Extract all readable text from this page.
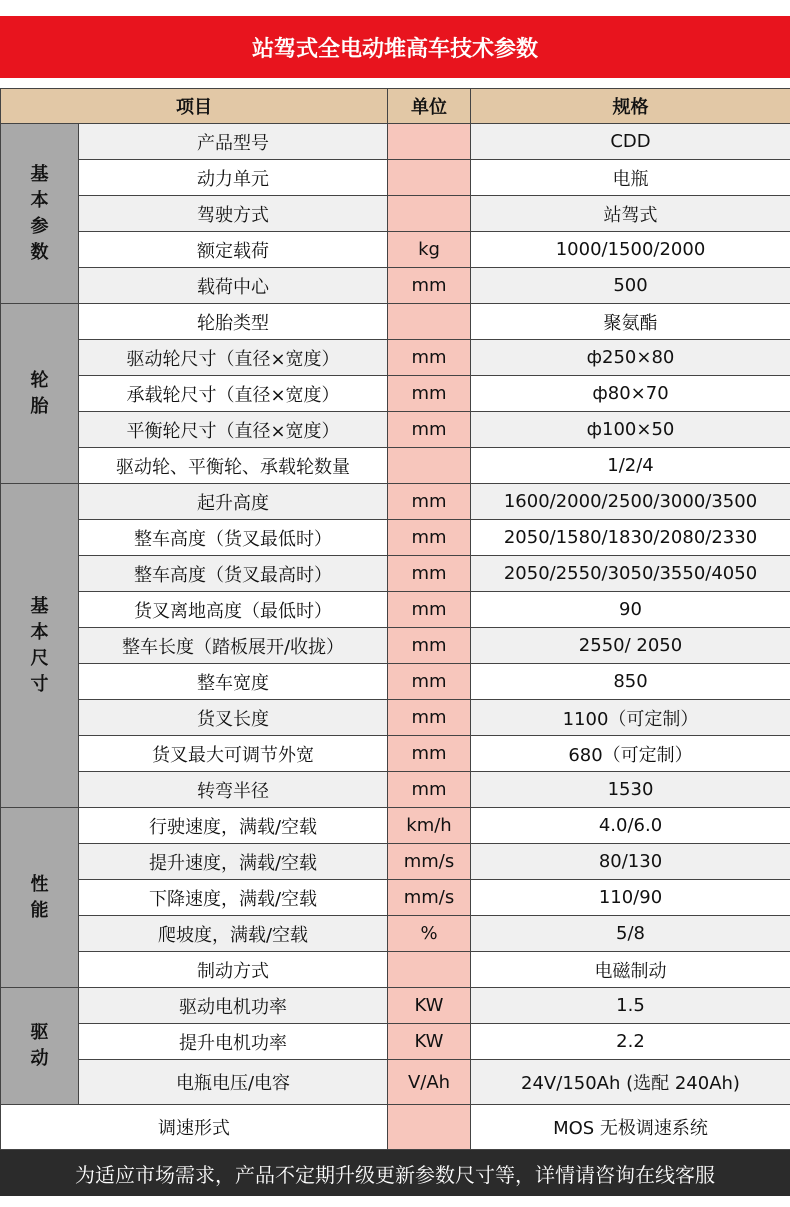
站驾式全电动堆高车技术参数
项目		单位	规格

基
本
参
数	产品型号		CDD
	动力单元		电瓶
	驾驶方式		站驾式
	额定载荷	kg	1000/1500/2000
	载荷中心	mm	500

轮
胎	轮胎类型		聚氨酯
	驱动轮尺寸（直径×宽度）	mm	ф250×80
	承载轮尺寸（直径×宽度）	mm	ф80×70
	平衡轮尺寸（直径×宽度）	mm	ф100×50
	驱动轮、平衡轮、承载轮数量		1/2/4

基
本
尺
寸	起升高度	mm	1600/2000/2500/3000/3500
	整车高度（货叉最低时）	mm	2050/1580/1830/2080/2330
	整车高度（货叉最高时）	mm	2050/2550/3050/3550/4050
	货叉离地高度（最低时）	mm	90
	整车长度（踏板展开/收拢）	mm	2550/ 2050
	整车宽度	mm	850
	货叉长度	mm	1100（可定制）
	货叉最大可调节外宽	mm	680（可定制）
	转弯半径	mm	1530

性
能	行驶速度，满载/空载	km/h	4.0/6.0
	提升速度，满载/空载	mm/s	80/130
	下降速度，满载/空载	mm/s	110/90
	爬坡度，满载/空载	%	5/8
	制动方式		电磁制动

驱
动	驱动电机功率	KW	1.5
	提升电机功率	KW	2.2
	电瓶电压/电容	V/Ah	24V/150Ah (选配 240Ah)
调速形式			MOS 无极调速系统
为适应市场需求，产品不定期升级更新参数尺寸等，详情请咨询在线客服
